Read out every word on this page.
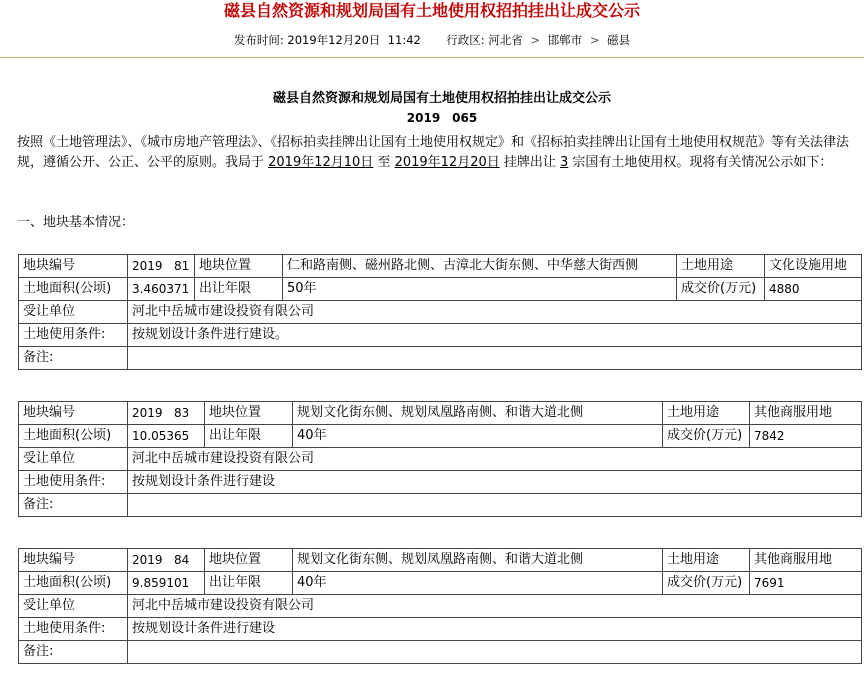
磁县自然资源和规划局国有土地使用权招拍挂出让成交公示
发布时间: 2019年12月20日  11:42 行政区: 河北省 > 邯郸市 > 磁县
磁县自然资源和规划局国有土地使用权招拍挂出让成交公示
2019 065

按照《土地管理法》、《城市房地产管理法》、《招标拍卖挂牌出让国有土地使用权规定》和《招标拍卖挂牌出让国有土地使用权规范》等有关法律法规，遵循公开、公正、公平的原则。我局于 2019年12月10日 至 2019年12月20日 挂牌出让 3 宗国有土地使用权。现将有关情况公示如下：

一、地块基本情况：

地块编号	2019 81	地块位置	仁和路南侧、磁州路北侧、古漳北大街东侧、中华慈大街西侧	土地用途	文化设施用地
土地面积(公顷)	3.460371	出让年限	50年	成交价(万元)	4880
受让单位	河北中岳城市建设投资有限公司				
土地使用条件:	按规划设计条件进行建设。				
备注:					
地块编号	2019 83	地块位置	规划文化街东侧、规划凤凰路南侧、和谐大道北侧	土地用途	其他商服用地
土地面积(公顷)	10.05365	出让年限	40年	成交价(万元)	7842
受让单位	河北中岳城市建设投资有限公司				
土地使用条件:	按规划设计条件进行建设				
备注:					
地块编号	2019 84	地块位置	规划文化街东侧、规划凤凰路南侧、和谐大道北侧	土地用途	其他商服用地
土地面积(公顷)	9.859101	出让年限	40年	成交价(万元)	7691
受让单位	河北中岳城市建设投资有限公司				
土地使用条件:	按规划设计条件进行建设				
备注:					
